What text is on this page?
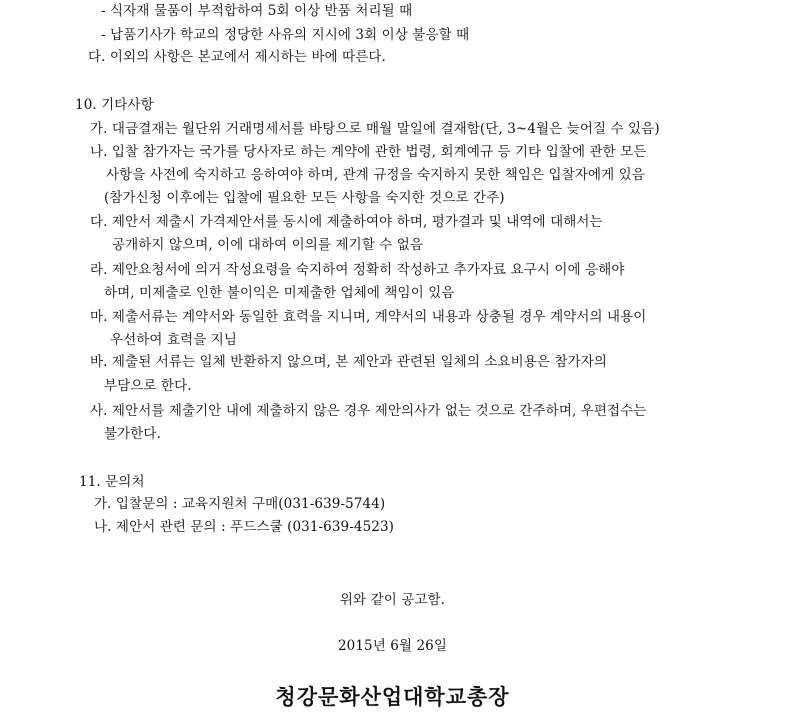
- 식자재 물품이 부적합하여 5회 이상 반품 처리될 때
- 납품기사가 학교의 정당한 사유의 지시에 3회 이상 불응할 때
다. 이외의 사항은 본교에서 제시하는 바에 따른다.
10. 기타사항
가. 대금결재는 월단위 거래명세서를 바탕으로 매월 말일에 결재함(단, 3~4월은 늦어질 수 있음)
나. 입찰 참가자는 국가를 당사자로 하는 계약에 관한 법령, 회계예규 등 기타 입찰에 관한 모든
사항을 사전에 숙지하고 응하여야 하며, 관계 규정을 숙지하지 못한 책임은 입찰자에게 있음
(참가신청 이후에는 입찰에 필요한 모든 사항을 숙지한 것으로 간주)
다. 제안서 제출시 가격제안서를 동시에 제출하여야 하며, 평가결과 및 내역에 대해서는
공개하지 않으며, 이에 대하여 이의를 제기할 수 없음
라. 제안요청서에 의거 작성요령을 숙지하여 정확히 작성하고 추가자료 요구시 이에 응해야
하며, 미제출로 인한 불이익은 미제출한 업체에 책임이 있음
마. 제출서류는 계약서와 동일한 효력을 지니며, 계약서의 내용과 상충될 경우 계약서의 내용이
우선하여 효력을 지님
바. 제출된 서류는 일체 반환하지 않으며, 본 제안과 관련된 일체의 소요비용은 참가자의
부담으로 한다.
사. 제안서를 제출기안 내에 제출하지 않은 경우 제안의사가 없는 것으로 간주하며, 우편접수는
불가한다.
11. 문의처
가. 입찰문의 : 교육지원처 구매(031-639-5744)
나. 제안서 관련 문의 : 푸드스쿨 (031-639-4523)
위와 같이 공고함.
2015년 6월 26일
청강문화산업대학교총장
